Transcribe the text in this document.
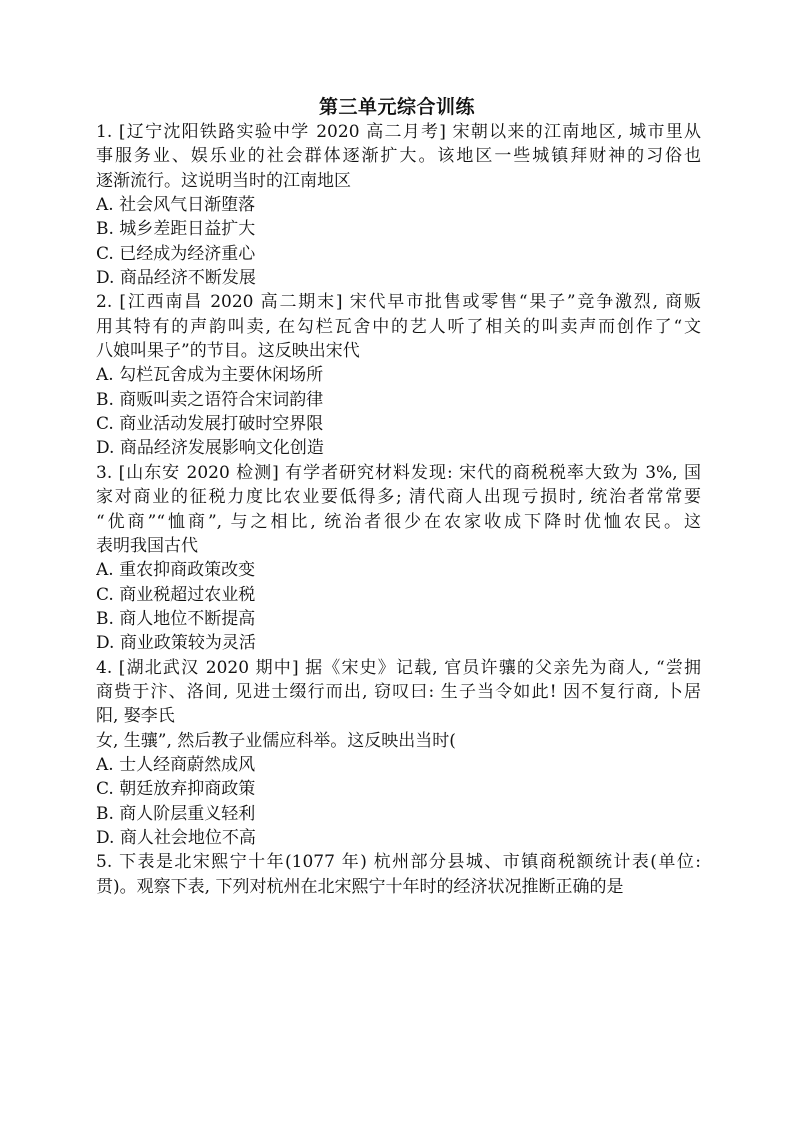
第三单元综合训练
1. [辽宁沈阳铁路实验中学 2020 高二月考] 宋朝以来的江南地区, 城市里从
事服务业、娱乐业的社会群体逐渐扩大。该地区一些城镇拜财神的习俗也
逐渐流行。这说明当时的江南地区
A. 社会风气日渐堕落
B. 城乡差距日益扩大
C. 已经成为经济重心
D. 商品经济不断发展
2. [江西南昌 2020 高二期末] 宋代早市批售或零售“果子”竞争激烈, 商贩
用其特有的声韵叫卖, 在勾栏瓦舍中的艺人听了相关的叫卖声而创作了“文
八娘叫果子”的节目。这反映出宋代
A. 勾栏瓦舍成为主要休闲场所
B. 商贩叫卖之语符合宋词韵律
C. 商业活动发展打破时空界限
D. 商品经济发展影响文化创造
3. [山东安 2020 检测] 有学者研究材料发现: 宋代的商税税率大致为 3%, 国
家对商业的征税力度比农业要低得多; 清代商人出现亏损时, 统治者常常要
“优商”“恤商”, 与之相比, 统治者很少在农家收成下降时优恤农民。这
表明我国古代
A. 重农抑商政策改变
C. 商业税超过农业税
B. 商人地位不断提高
D. 商业政策较为灵活
4. [湖北武汉 2020 期中] 据《宋史》记载, 官员许骧的父亲先为商人, “尝拥
商赀于汴、洛间, 见进士缀行而出, 窃叹曰: 生子当令如此! 因不复行商, 卜居
阳, 娶李氏
女, 生骧”, 然后教子业儒应科举。这反映出当时(
A. 士人经商蔚然成风
C. 朝廷放弃抑商政策
B. 商人阶层重义轻利
D. 商人社会地位不高
5. 下表是北宋熙宁十年(1077 年) 杭州部分县城、市镇商税额统计表(单位:
贯)。观察下表, 下列对杭州在北宋熙宁十年时的经济状况推断正确的是
